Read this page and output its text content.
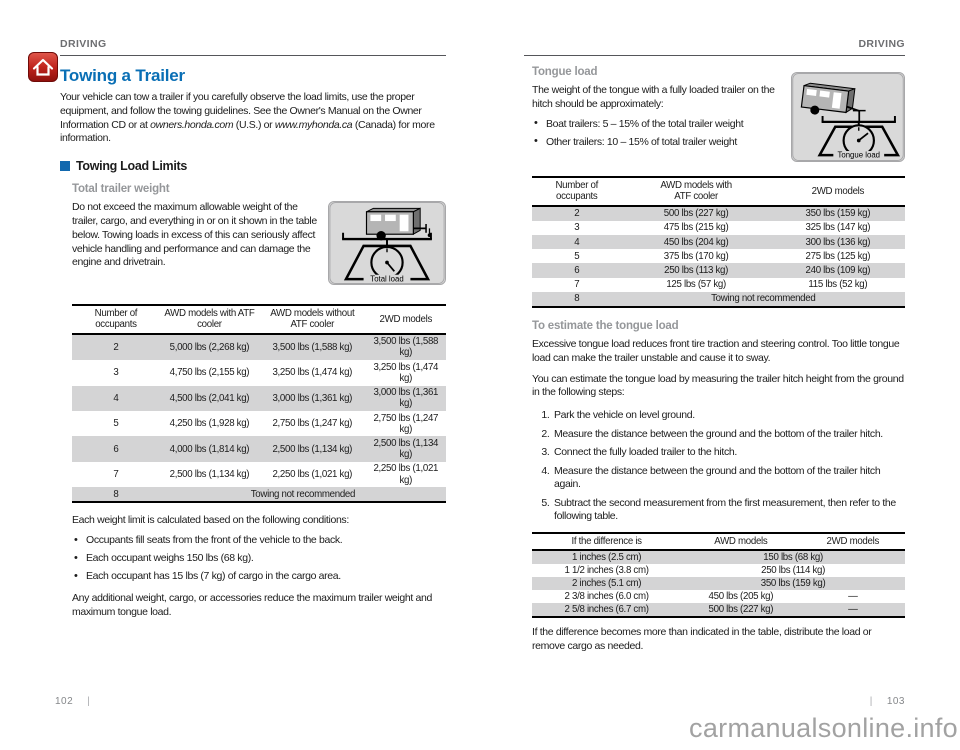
DRIVING
Towing a Trailer

Your vehicle can tow a trailer if you carefully observe the load limits, use the proper equipment, and follow the towing guidelines. See the Owner's Manual on the Owner Information CD or at owners.honda.com (U.S.) or www.myhonda.ca (Canada) for more information.

Towing Load Limits
Total trailer weight

Do not exceed the maximum allowable weight of the trailer, cargo, and everything in or on it shown in the table below. Towing loads in excess of this can seriously affect vehicle handling and performance and can damage the engine and drivetrain.

Total load
Number of occupants	AWD models with ATF cooler	AWD models without ATF cooler	2WD models
2	5,000 lbs (2,268 kg)	3,500 lbs (1,588 kg)	3,500 lbs (1,588 kg)
3	4,750 lbs (2,155 kg)	3,250 lbs (1,474 kg)	3,250 lbs (1,474 kg)
4	4,500 lbs (2,041 kg)	3,000 lbs (1,361 kg)	3,000 lbs (1,361 kg)
5	4,250 lbs (1,928 kg)	2,750 lbs (1,247 kg)	2,750 lbs (1,247 kg)
6	4,000 lbs (1,814 kg)	2,500 lbs (1,134 kg)	2,500 lbs (1,134 kg)
7	2,500 lbs (1,134 kg)	2,250 lbs (1,021 kg)	2,250 lbs (1,021 kg)
8	Towing not recommended		

Each weight limit is calculated based on the following conditions:

• Occupants fill seats from the front of the vehicle to the back.
• Each occupant weighs 150 lbs (68 kg).
• Each occupant has 15 lbs (7 kg) of cargo in the cargo area.

Any additional weight, cargo, or accessories reduce the maximum trailer weight and maximum tongue load.

DRIVING
Tongue load

The weight of the tongue with a fully loaded trailer on the hitch should be approximately:

• Boat trailers: 5 – 15% of the total trailer weight
• Other trailers: 10 – 15% of total trailer weight
Tongue load
Number of occupants	AWD models with ATF cooler	2WD models
2	500 lbs (227 kg)	350 lbs (159 kg)
3	475 lbs (215 kg)	325 lbs (147 kg)
4	450 lbs (204 kg)	300 lbs (136 kg)
5	375 lbs (170 kg)	275 lbs (125 kg)
6	250 lbs (113 kg)	240 lbs (109 kg)
7	125 lbs (57 kg)	115 lbs (52 kg)
8	Towing not recommended	
To estimate the tongue load

Excessive tongue load reduces front tire traction and steering control. Too little tongue load can make the trailer unstable and cause it to sway.

You can estimate the tongue load by measuring the trailer hitch height from the ground in the following steps:

1. Park the vehicle on level ground.
2. Measure the distance between the ground and the bottom of the trailer hitch.
3. Connect the fully loaded trailer to the hitch.
4. Measure the distance between the ground and the bottom of the trailer hitch again.
5. Subtract the second measurement from the first measurement, then refer to the following table.
If the difference is	AWD models	2WD models
1 inches (2.5 cm)	150 lbs (68 kg)	
1 1/2 inches (3.8 cm)	250 lbs (114 kg)	
2 inches (5.1 cm)	350 lbs (159 kg)	
2 3/8 inches (6.0 cm)	450 lbs (205 kg)	—
2 5/8 inches (6.7 cm)	500 lbs (227 kg)	—

If the difference becomes more than indicated in the table, distribute the load or remove cargo as needed.

102 |	| 103
carmanualsonline.info
